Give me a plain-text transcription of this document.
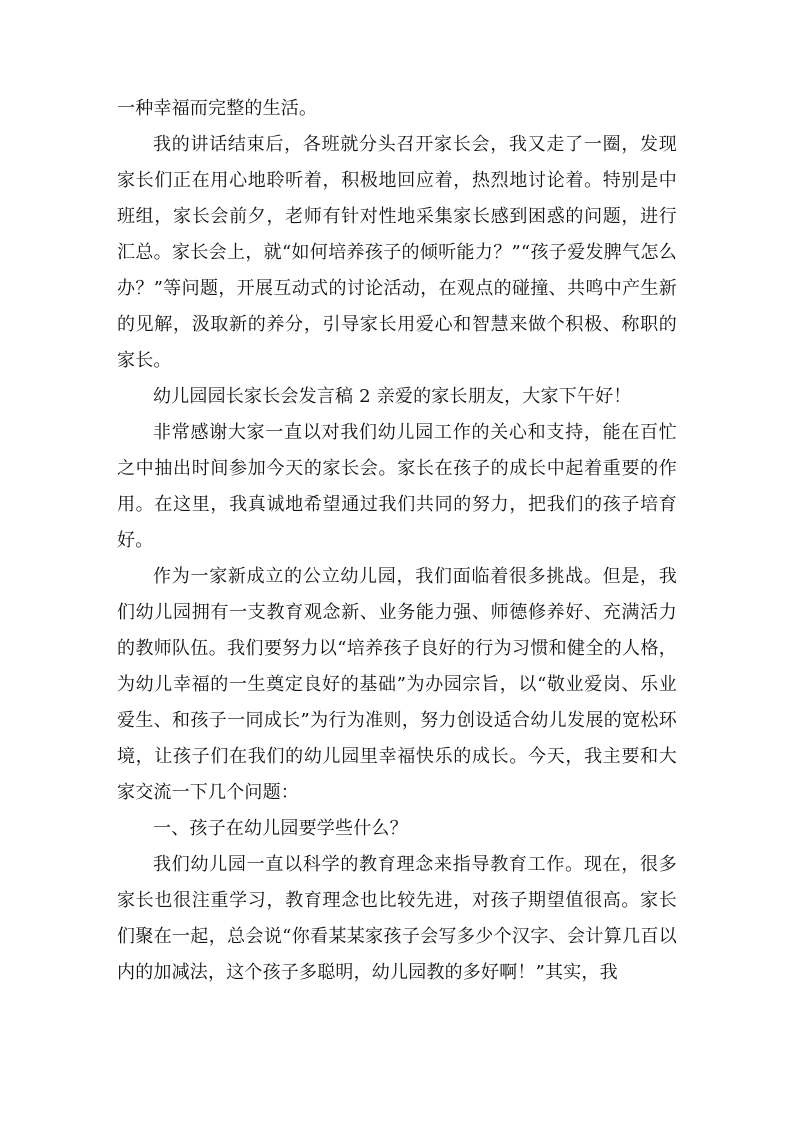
一种幸福而完整的生活。

我的讲话结束后，各班就分头召开家长会，我又走了一圈，发现家长们正在用心地聆听着，积极地回应着，热烈地讨论着。特别是中班组，家长会前夕，老师有针对性地采集家长感到困惑的问题，进行汇总。家长会上，就“如何培养孩子的倾听能力？”“孩子爱发脾气怎么办？”等问题，开展互动式的讨论活动，在观点的碰撞、共鸣中产生新的见解，汲取新的养分，引导家长用爱心和智慧来做个积极、称职的家长。

幼儿园园长家长会发言稿 2 亲爱的家长朋友，大家下午好！

非常感谢大家一直以对我们幼儿园工作的关心和支持，能在百忙之中抽出时间参加今天的家长会。家长在孩子的成长中起着重要的作用。在这里，我真诚地希望通过我们共同的努力，把我们的孩子培育好。

作为一家新成立的公立幼儿园，我们面临着很多挑战。但是，我们幼儿园拥有一支教育观念新、业务能力强、师德修养好、充满活力的教师队伍。我们要努力以“培养孩子良好的行为习惯和健全的人格，为幼儿幸福的一生奠定良好的基础”为办园宗旨，以“敬业爱岗、乐业爱生、和孩子一同成长”为行为准则，努力创设适合幼儿发展的宽松环境，让孩子们在我们的幼儿园里幸福快乐的成长。今天，我主要和大家交流一下几个问题：

一、孩子在幼儿园要学些什么？

我们幼儿园一直以科学的教育理念来指导教育工作。现在，很多家长也很注重学习，教育理念也比较先进，对孩子期望值很高。家长们聚在一起，总会说“你看某某家孩子会写多少个汉字、会计算几百以内的加减法，这个孩子多聪明，幼儿园教的多好啊！”其实，我
